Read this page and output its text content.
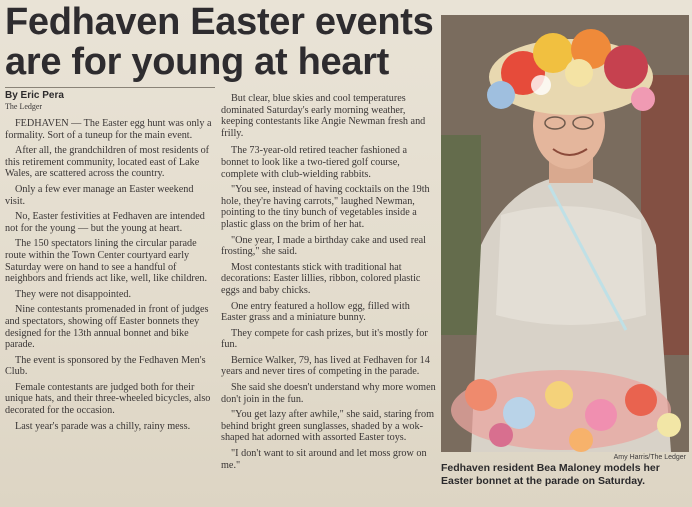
Fedhaven Easter events
are for young at heart
By Eric Pera
The Ledger

FEDHAVEN — The Easter egg hunt was only a formality. Sort of a tuneup for the main event.

After all, the grandchildren of most residents of this retirement community, located east of Lake Wales, are scattered across the country.

Only a few ever manage an Easter weekend visit.

No, Easter festivities at Fedhaven are intended not for the young — but the young at heart.

The 150 spectators lining the circular parade route within the Town Center courtyard early Saturday were on hand to see a handful of neighbors and friends act like, well, like children.

They were not disappointed.

Nine contestants promenaded in front of judges and spectators, showing off Easter bonnets they designed for the 13th annual bonnet and bike parade.

The event is sponsored by the Fedhaven Men's Club.

Female contestants are judged both for their unique hats, and their three-wheeled bicycles, also decorated for the occasion.

Last year's parade was a chilly, rainy mess.

But clear, blue skies and cool temperatures dominated Saturday's early morning weather, keeping contestants like Angie Newman fresh and frilly.

The 73-year-old retired teacher fashioned a bonnet to look like a two-tiered golf course, complete with club-wielding rabbits.

"You see, instead of having cocktails on the 19th hole, they're having carrots," laughed Newman, pointing to the tiny bunch of vegetables inside a plastic glass on the brim of her hat.

"One year, I made a birthday cake and used real frosting," she said.

Most contestants stick with traditional hat decorations: Easter lillies, ribbon, colored plastic eggs and baby chicks.

One entry featured a hollow egg, filled with Easter grass and a miniature bunny.

They compete for cash prizes, but it's mostly for fun.

Bernice Walker, 79, has lived at Fedhaven for 14 years and never tires of competing in the parade.

She said she doesn't understand why more women don't join in the fun.

"You get lazy after awhile," she said, staring from behind bright green sunglasses, shaded by a wok-shaped hat adorned with assorted Easter toys.

"I don't want to sit around and let moss grow on me."

Amy Harris/The Ledger
Fedhaven resident Bea Maloney models her Easter bonnet at the parade on Saturday.
